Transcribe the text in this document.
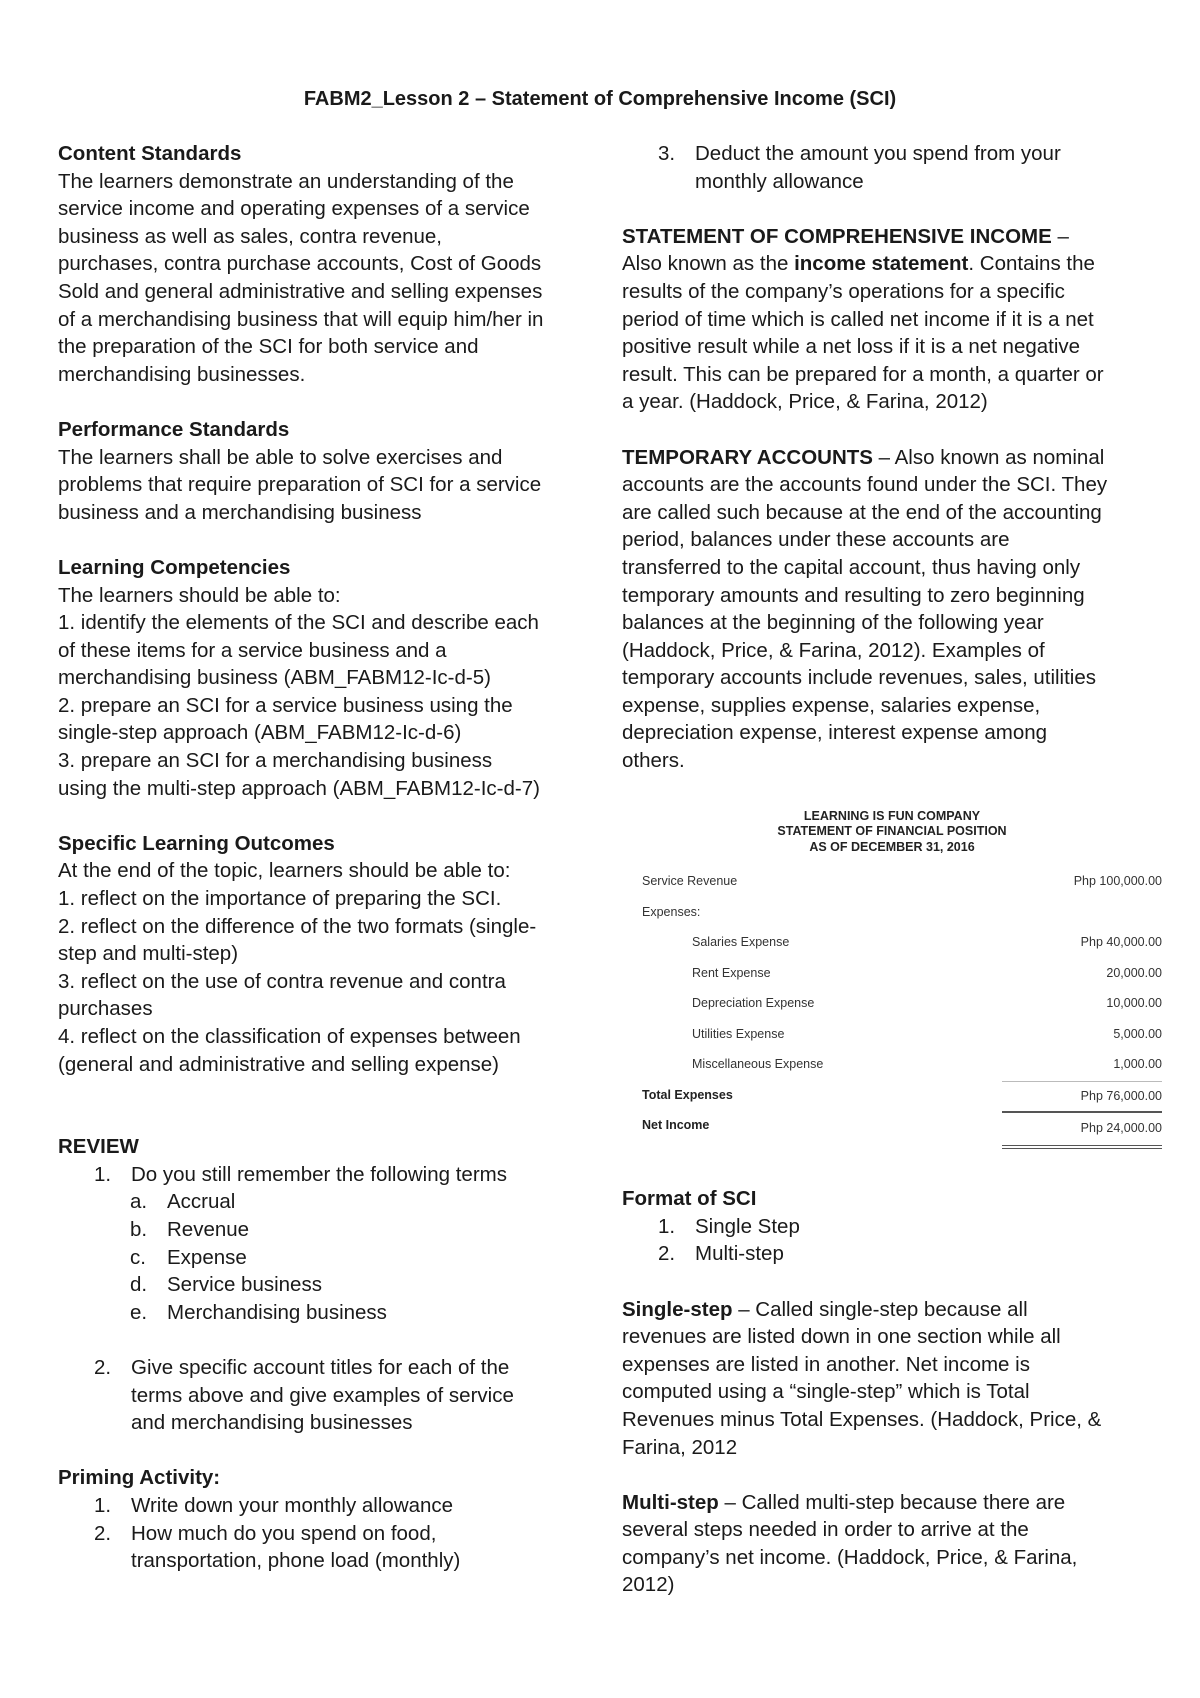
FABM2_Lesson 2 – Statement of Comprehensive Income (SCI)
Content Standards
The learners demonstrate an understanding of the
service income and operating expenses of a service
business as well as sales, contra revenue,
purchases, contra purchase accounts, Cost of Goods
Sold and general administrative and selling expenses
of a merchandising business that will equip him/her in
the preparation of the SCI for both service and
merchandising businesses.
Performance Standards
The learners shall be able to solve exercises and
problems that require preparation of SCI for a service
business and a merchandising business
Learning Competencies
The learners should be able to:
1. identify the elements of the SCI and describe each
of these items for a service business and a
merchandising business (ABM_FABM12-Ic-d-5)
2. prepare an SCI for a service business using the
single-step approach (ABM_FABM12-Ic-d-6)
3. prepare an SCI for a merchandising business
using the multi-step approach (ABM_FABM12-Ic-d-7)
Specific Learning Outcomes
At the end of the topic, learners should be able to:
1. reflect on the importance of preparing the SCI.
2. reflect on the difference of the two formats (single-
step and multi-step)
3. reflect on the use of contra revenue and contra
purchases
4. reflect on the classification of expenses between
(general and administrative and selling expense)
REVIEW
1. Do you still remember the following terms
a. Accrual
b. Revenue
c. Expense
d. Service business
e. Merchandising business
2. Give specific account titles for each of the
terms above and give examples of service
and merchandising businesses
Priming Activity:
1. Write down your monthly allowance
2. How much do you spend on food,
transportation, phone load (monthly)
3. Deduct the amount you spend from your
monthly allowance
STATEMENT OF COMPREHENSIVE INCOME –
Also known as the income statement. Contains the
results of the company’s operations for a specific
period of time which is called net income if it is a net
positive result while a net loss if it is a net negative
result. This can be prepared for a month, a quarter or
a year. (Haddock, Price, & Farina, 2012)
TEMPORARY ACCOUNTS – Also known as nominal
accounts are the accounts found under the SCI. They
are called such because at the end of the accounting
period, balances under these accounts are
transferred to the capital account, thus having only
temporary amounts and resulting to zero beginning
balances at the beginning of the following year
(Haddock, Price, & Farina, 2012). Examples of
temporary accounts include revenues, sales, utilities
expense, supplies expense, salaries expense,
depreciation expense, interest expense among
others.
LEARNING IS FUN COMPANY
STATEMENT OF FINANCIAL POSITION
AS OF DECEMBER 31, 2016
Service Revenue	Php 100,000.00
Expenses:
Salaries Expense	Php 40,000.00
Rent Expense	20,000.00
Depreciation Expense	10,000.00
Utilities Expense	5,000.00
Miscellaneous Expense	1,000.00
Total Expenses	Php 76,000.00
Net Income	Php 24,000.00
Format of SCI
1. Single Step
2. Multi-step
Single-step – Called single-step because all
revenues are listed down in one section while all
expenses are listed in another. Net income is
computed using a “single-step” which is Total
Revenues minus Total Expenses. (Haddock, Price, &
Farina, 2012
Multi-step – Called multi-step because there are
several steps needed in order to arrive at the
company’s net income. (Haddock, Price, & Farina,
2012)
